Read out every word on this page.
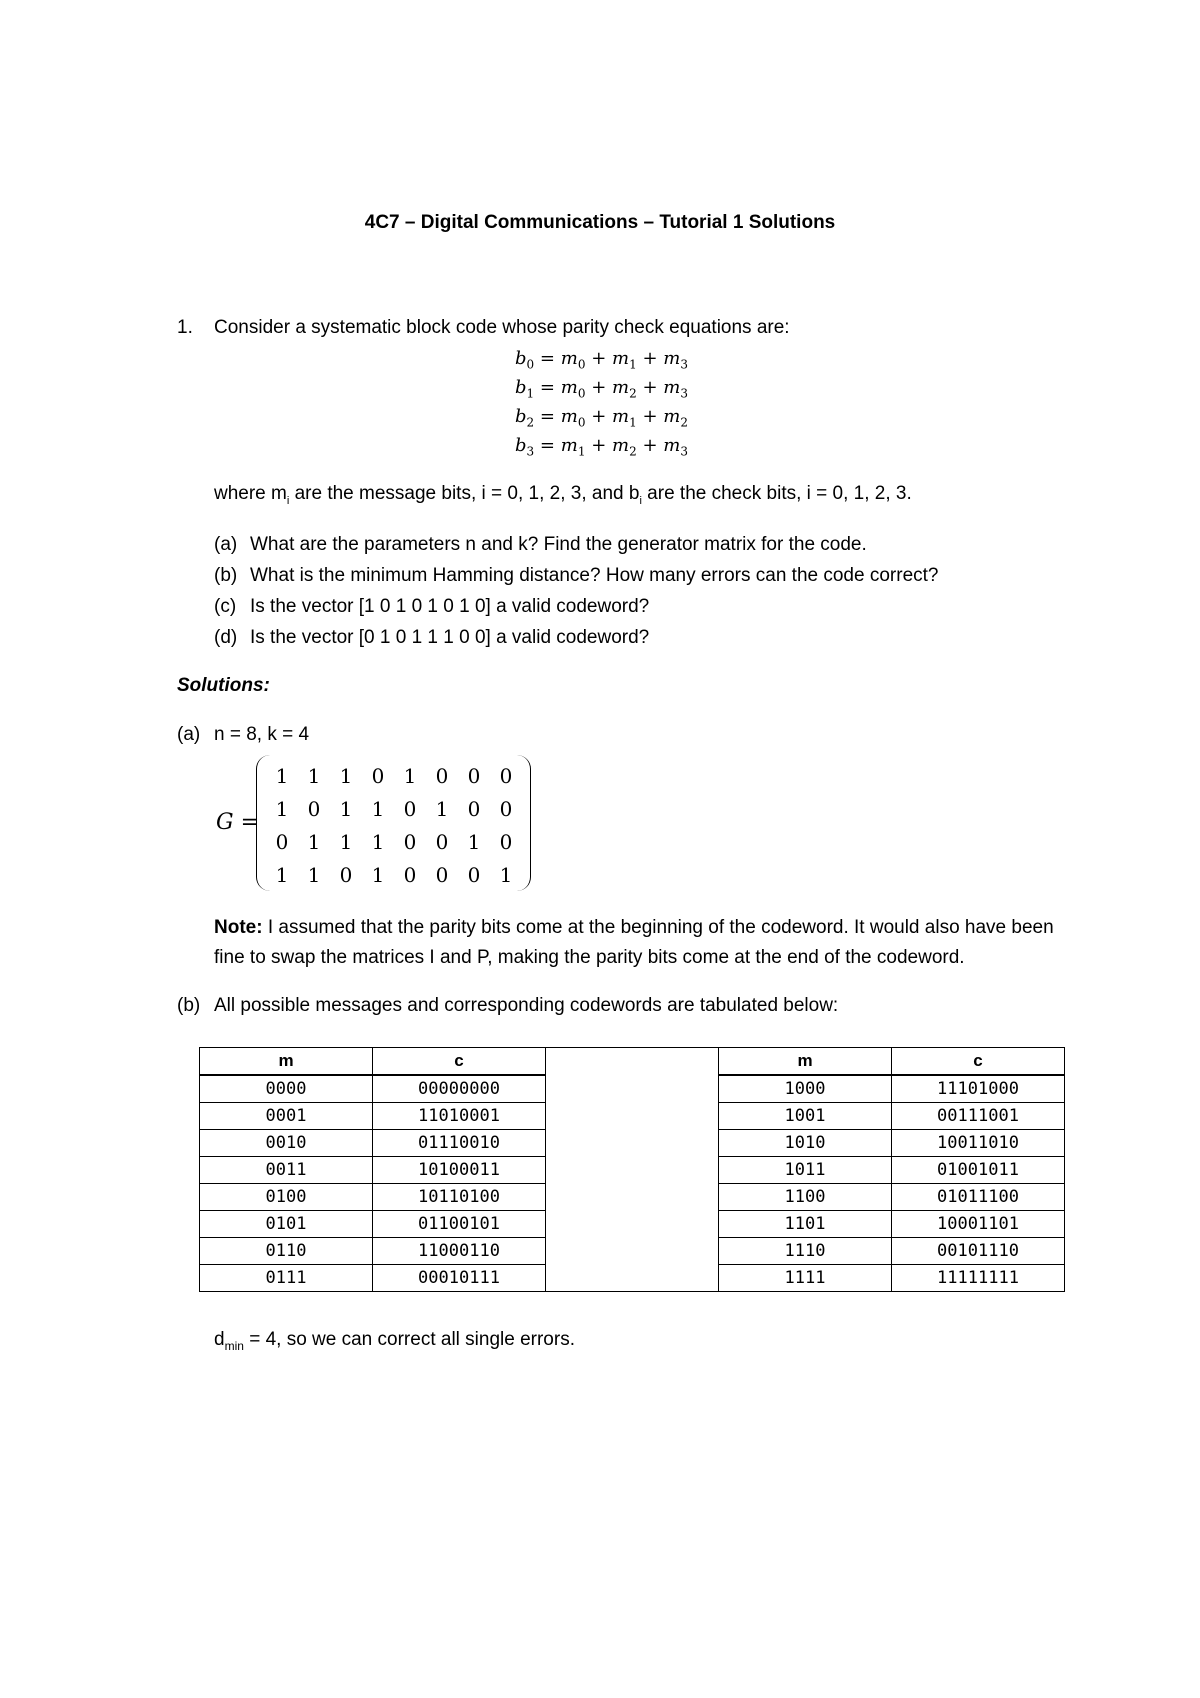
4C7 – Digital Communications – Tutorial 1 Solutions
1. Consider a systematic block code whose parity check equations are:
$b_0 = m_0 + m_1 + m_3$
$b_1 = m_0 + m_2 + m_3$
$b_2 = m_0 + m_1 + m_2$
$b_3 = m_1 + m_2 + m_3$
where $m_i$ are the message bits, i = 0, 1, 2, 3, and $b_i$ are the check bits, i = 0, 1, 2, 3.
(a) What are the parameters n and k? Find the generator matrix for the code.
(b) What is the minimum Hamming distance? How many errors can the code correct?
(c) Is the vector [1 0 1 0 1 0 1 0] a valid codeword?
(d) Is the vector [0 1 0 1 1 1 0 0] a valid codeword?
Solutions:
(a) n = 8, k = 4
G =
1	1	1	0	1	0	0	0
1	0	1	1	0	1	0	0
0	1	1	1	0	0	1	0
1	1	0	1	0	0	0	1
Note: I assumed that the parity bits come at the beginning of the codeword. It would also have been fine to swap the matrices I and P, making the parity bits come at the end of the codeword.
(b) All possible messages and corresponding codewords are tabulated below:
m	c		m	c
0000	00000000		1000	11101000
0001	11010001		1001	00111001
0010	01110010		1010	10011010
0011	10100011		1011	01001011
0100	10110100		1100	01011100
0101	01100101		1101	10001101
0110	11000110		1110	00101110
0111	00010111		1111	11111111
$d_{min} = 4$, so we can correct all single errors.
